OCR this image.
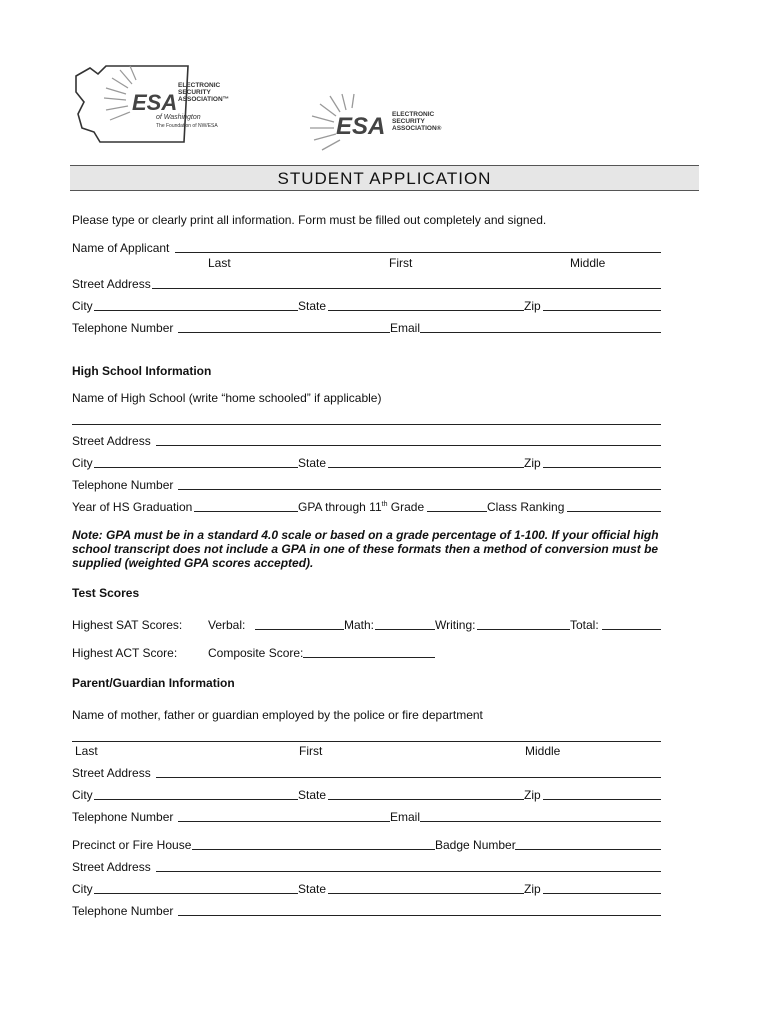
ESA
ELECTRONIC
SECURITY
ASSOCIATION™
of Washington
The Foundation of NW/ESA	ESA ELECTRONIC
SECURITY
ASSOCIATION®
STUDENT APPLICATION
Please type or clearly print all information. Form must be filled out completely and signed.
Name of Applicant
Last	First	Middle
Street Address
City	State	Zip
Telephone Number	Email
High School Information
Name of High School (write “home schooled” if applicable)
Street Address
City	State	Zip
Telephone Number
Year of HS Graduation	GPA through 11th Grade	Class Ranking
Note: GPA must be in a standard 4.0 scale or based on a grade percentage of 1-100. If your official high school transcript does not include a GPA in one of these formats then a method of conversion must be supplied (weighted GPA scores accepted).
Test Scores
Highest SAT Scores: Verbal:	Math:	Writing:	Total:
Highest ACT Score:	Composite Score:
Parent/Guardian Information
Name of mother, father or guardian employed by the police or fire department
Last	First	Middle
Street Address
City	State	Zip
Telephone Number	Email
Precinct or Fire House	Badge Number
Street Address
City	State	Zip
Telephone Number
